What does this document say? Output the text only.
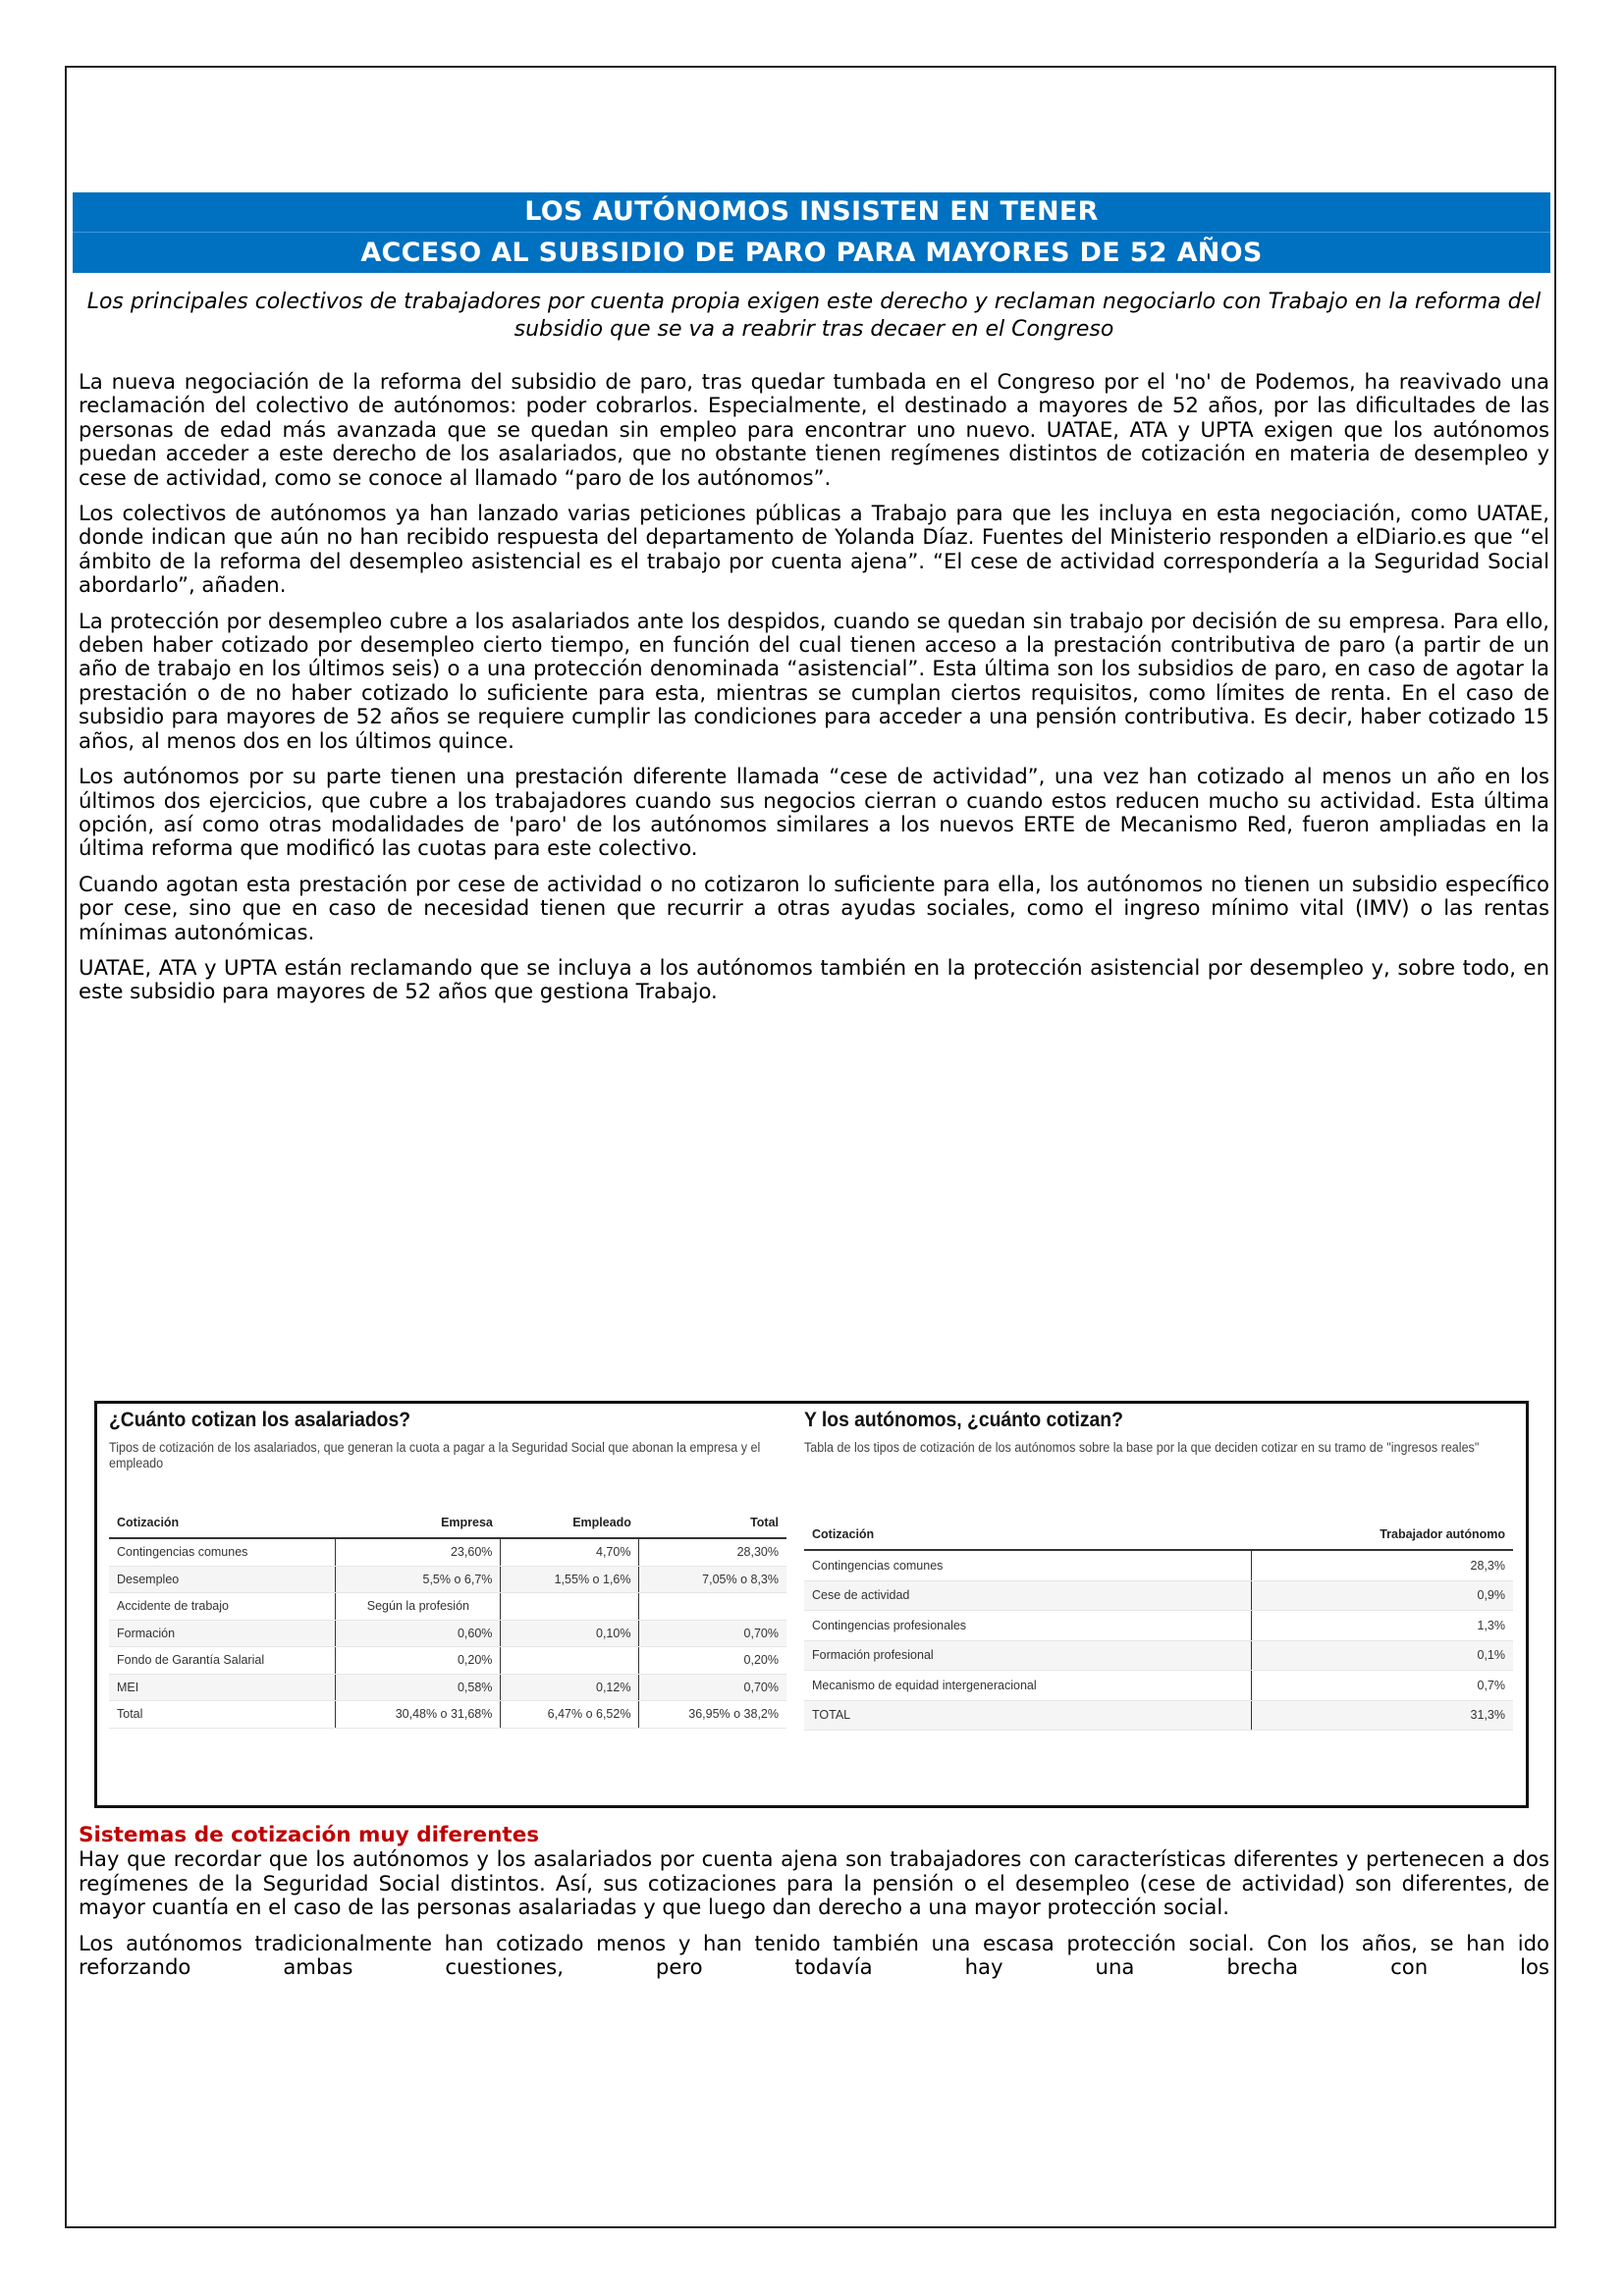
LOS AUTÓNOMOS INSISTEN EN TENER
ACCESO AL SUBSIDIO DE PARO PARA MAYORES DE 52 AÑOS
Los principales colectivos de trabajadores por cuenta propia exigen este derecho y reclaman negociarlo con Trabajo en la reforma del subsidio que se va a reabrir tras decaer en el Congreso

La nueva negociación de la reforma del subsidio de paro, tras quedar tumbada en el Congreso por el 'no' de Podemos, ha reavivado una reclamación del colectivo de autónomos: poder cobrarlos. Especialmente, el destinado a mayores de 52 años, por las dificultades de las personas de edad más avanzada que se quedan sin empleo para encontrar uno nuevo. UATAE, ATA y UPTA exigen que los autónomos puedan acceder a este derecho de los asalariados, que no obstante tienen regímenes distintos de cotización en materia de desempleo y cese de actividad, como se conoce al llamado “paro de los autónomos”.

Los colectivos de autónomos ya han lanzado varias peticiones públicas a Trabajo para que les incluya en esta negociación, como UATAE, donde indican que aún no han recibido respuesta del departamento de Yolanda Díaz. Fuentes del Ministerio responden a elDiario.es que “el ámbito de la reforma del desempleo asistencial es el trabajo por cuenta ajena”. “El cese de actividad correspondería a la Seguridad Social abordarlo”, añaden.

La protección por desempleo cubre a los asalariados ante los despidos, cuando se quedan sin trabajo por decisión de su empresa. Para ello, deben haber cotizado por desempleo cierto tiempo, en función del cual tienen acceso a la prestación contributiva de paro (a partir de un año de trabajo en los últimos seis) o a una protección denominada “asistencial”. Esta última son los subsidios de paro, en caso de agotar la prestación o de no haber cotizado lo suficiente para esta, mientras se cumplan ciertos requisitos, como límites de renta. En el caso de subsidio para mayores de 52 años se requiere cumplir las condiciones para acceder a una pensión contributiva. Es decir, haber cotizado 15 años, al menos dos en los últimos quince.

Los autónomos por su parte tienen una prestación diferente llamada “cese de actividad”, una vez han cotizado al menos un año en los últimos dos ejercicios, que cubre a los trabajadores cuando sus negocios cierran o cuando estos reducen mucho su actividad. Esta última opción, así como otras modalidades de 'paro' de los autónomos similares a los nuevos ERTE de Mecanismo Red, fueron ampliadas en la última reforma que modificó las cuotas para este colectivo.

Cuando agotan esta prestación por cese de actividad o no cotizaron lo suficiente para ella, los autónomos no tienen un subsidio específico por cese, sino que en caso de necesidad tienen que recurrir a otras ayudas sociales, como el ingreso mínimo vital (IMV) o las rentas mínimas autonómicas.

UATAE, ATA y UPTA están reclamando que se incluya a los autónomos también en la protección asistencial por desempleo y, sobre todo, en este subsidio para mayores de 52 años que gestiona Trabajo.

¿Cuánto cotizan los asalariados?
Tipos de cotización de los asalariados, que generan la cuota a pagar a la Seguridad Social que abonan la empresa y el empleado
Cotización	Empresa	Empleado	Total
Contingencias comunes	23,60%	4,70%	28,30%
Desempleo	5,5% o 6,7%	1,55% o 1,6%	7,05% o 8,3%
Accidente de trabajo	Según la profesión		
Formación	0,60%	0,10%	0,70%
Fondo de Garantía Salarial	0,20%		0,20%
MEI	0,58%	0,12%	0,70%
Total	30,48% o 31,68%	6,47% o 6,52%	36,95% o 38,2%
Y los autónomos, ¿cuánto cotizan?
Tabla de los tipos de cotización de los autónomos sobre la base por la que deciden cotizar en su tramo de "ingresos reales"
Cotización	Trabajador autónomo
Contingencias comunes	28,3%
Cese de actividad	0,9%
Contingencias profesionales	1,3%
Formación profesional	0,1%
Mecanismo de equidad intergeneracional	0,7%
TOTAL	31,3%
Sistemas de cotización muy diferentes

Hay que recordar que los autónomos y los asalariados por cuenta ajena son trabajadores con características diferentes y pertenecen a dos regímenes de la Seguridad Social distintos. Así, sus cotizaciones para la pensión o el desempleo (cese de actividad) son diferentes, de mayor cuantía en el caso de las personas asalariadas y que luego dan derecho a una mayor protección social.

Los autónomos tradicionalmente han cotizado menos y han tenido también una escasa protección social. Con los años, se han ido reforzando ambas cuestiones, pero todavía hay una brecha con los
